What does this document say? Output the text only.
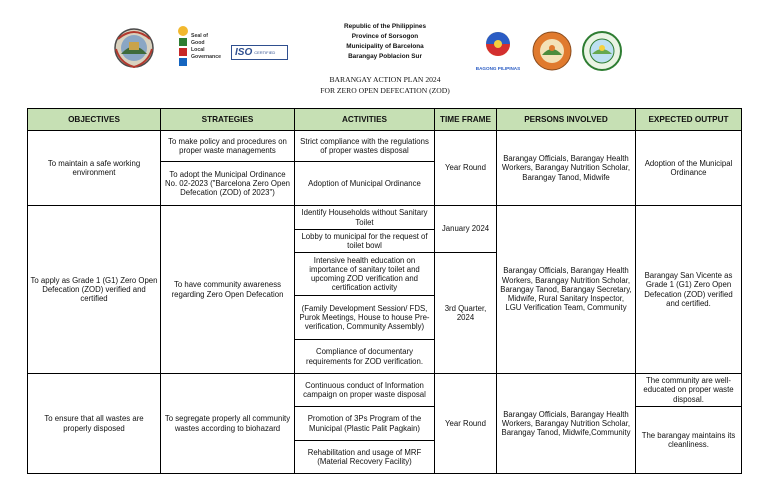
Seal of
Good
Local
Governance ISO CERTIFIED
Republic of the Philippines
Province of Sorsogon
Municipality of Barcelona
Barangay Poblacion Sur
BARANGAY ACTION PLAN 2024
FOR ZERO OPEN DEFECATION (ZOD)
BAGONG PILIPINAS
OBJECTIVES	STRATEGIES	ACTIVITIES	TIME FRAME	PERSONS INVOLVED	EXPECTED OUTPUT
To maintain a safe working environment	To make policy and procedures on proper waste managements	Strict compliance with the regulations of proper wastes disposal	Year Round	Barangay Officials, Barangay Health Workers, Barangay Nutrition Scholar, Barangay Tanod, Midwife	Adoption of the Municipal Ordinance
	To adopt the Municipal Ordinance No. 02-2023 ("Barcelona Zero Open Defecation (ZOD) of 2023")	Adoption of Municipal Ordinance			
To apply as Grade 1 (G1) Zero Open Defecation (ZOD) verified and certified	To have community awareness regarding Zero Open Defecation	Identify Households without Sanitary Toilet	January 2024	Barangay Officials, Barangay Health Workers, Barangay Nutrition Scholar, Barangay Tanod, Barangay Secretary, Midwife, Rural Sanitary Inspector, LGU Verification Team, Community	Barangay San Vicente as Grade 1 (G1) Zero Open Defecation (ZOD) verified and certified.
		Lobby to municipal for the request of toilet bowl			
		Intensive health education on importance of sanitary toilet and upcoming ZOD verification and certification activity	3rd Quarter, 2024		
		(Family Development Session/ FDS, Purok Meetings, House to house Pre-verification, Community Assembly)			
		Compliance of documentary requirements for ZOD verification.			
To ensure that all wastes are properly disposed	To segregate properly all community wastes according to biohazard	Continuous conduct of Information campaign on proper waste disposal	Year Round	Barangay Officials, Barangay Health Workers, Barangay Nutrition Scholar, Barangay Tanod, Midwife,Community	The community are well-educated on proper waste disposal.
		Promotion of 3Ps Program of the Municipal (Plastic Palit Pagkain)			The barangay maintains its cleanliness.
		Rehabilitation and usage of MRF (Material Recovery Facility)			
